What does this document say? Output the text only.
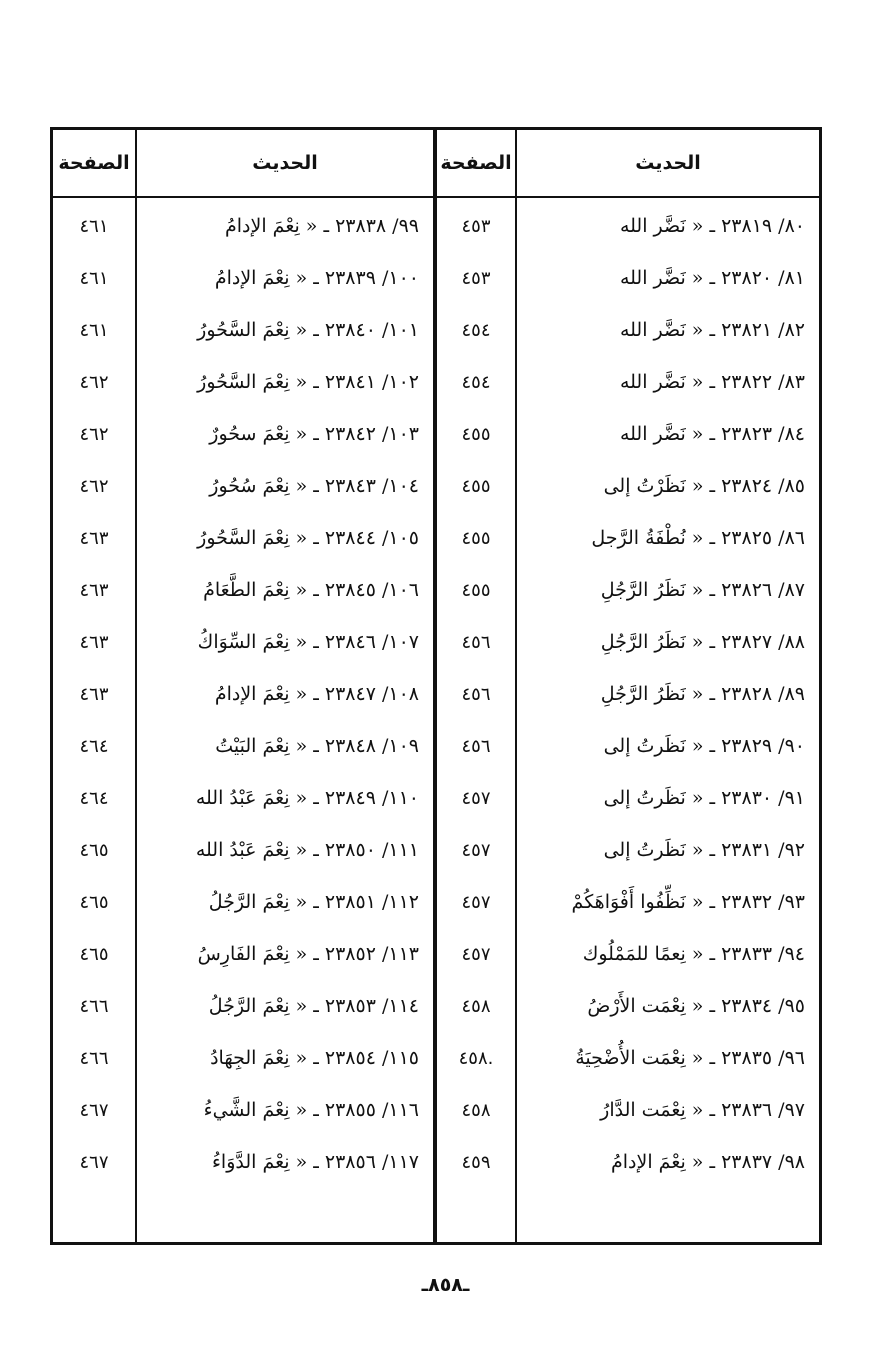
الصفحة	الحديث	الصفحة	الحديث
٤٦١	٩٩/ ٢٣٨٣٨ ـ « نِعْمَ الإدامُ	٤٥٣	٨٠/ ٢٣٨١٩ ـ « نَضَّر الله
٤٦١	١٠٠/ ٢٣٨٣٩ ـ « نِعْمَ الإدامُ	٤٥٣	٨١/ ٢٣٨٢٠ ـ « نَضَّر الله
٤٦١	١٠١/ ٢٣٨٤٠ ـ « نِعْمَ السَّحُورُ	٤٥٤	٨٢/ ٢٣٨٢١ ـ « نَضَّر الله
٤٦٢	١٠٢/ ٢٣٨٤١ ـ « نِعْمَ السَّحُورُ	٤٥٤	٨٣/ ٢٣٨٢٢ ـ « نَضَّر الله
٤٦٢	١٠٣/ ٢٣٨٤٢ ـ « نِعْمَ سحُورٌ	٤٥٥	٨٤/ ٢٣٨٢٣ ـ « نَضَّر الله
٤٦٢	١٠٤/ ٢٣٨٤٣ ـ « نِعْمَ سُحُورُ	٤٥٥	٨٥/ ٢٣٨٢٤ ـ « نَظَرْتُ إلى
٤٦٣	١٠٥/ ٢٣٨٤٤ ـ « نِعْمَ السَّحُورُ	٤٥٥	٨٦/ ٢٣٨٢٥ ـ « نُطْفَةُ الرَّجل
٤٦٣	١٠٦/ ٢٣٨٤٥ ـ « نِعْمَ الطَّعَامُ	٤٥٥	٨٧/ ٢٣٨٢٦ ـ « نَظَرُ الرَّجُلِ
٤٦٣	١٠٧/ ٢٣٨٤٦ ـ « نِعْمَ السِّوَاكُ	٤٥٦	٨٨/ ٢٣٨٢٧ ـ « نَظَرُ الرَّجُلِ
٤٦٣	١٠٨/ ٢٣٨٤٧ ـ « نِعْمَ الإدامُ	٤٥٦	٨٩/ ٢٣٨٢٨ ـ « نَظَرُ الرَّجُلِ
٤٦٤	١٠٩/ ٢٣٨٤٨ ـ « نِعْمَ البَيْتُ	٤٥٦	٩٠/ ٢٣٨٢٩ ـ « نَظَرتُ إلى
٤٦٤	١١٠/ ٢٣٨٤٩ ـ « نِعْمَ عَبْدُ الله	٤٥٧	٩١/ ٢٣٨٣٠ ـ « نَظَرتُ إلى
٤٦٥	١١١/ ٢٣٨٥٠ ـ « نِعْمَ عَبْدُ الله	٤٥٧	٩٢/ ٢٣٨٣١ ـ « نَظَرتُ إلى
٤٦٥	١١٢/ ٢٣٨٥١ ـ « نِعْمَ الرَّجُلُ	٤٥٧	٩٣/ ٢٣٨٣٢ ـ « نَظِّفُوا أَفْوَاهَكُمْ
٤٦٥	١١٣/ ٢٣٨٥٢ ـ « نِعْمَ الفَارِسُ	٤٥٧	٩٤/ ٢٣٨٣٣ ـ « نِعمًا للمَمْلُوك
٤٦٦	١١٤/ ٢٣٨٥٣ ـ « نِعْمَ الرَّجُلُ	٤٥٨	٩٥/ ٢٣٨٣٤ ـ « نِعْمَت الأَرْضُ
٤٦٦	١١٥/ ٢٣٨٥٤ ـ « نِعْمَ الجِهَادُ	٤٥٨.	٩٦/ ٢٣٨٣٥ ـ « نِعْمَت الأُضْحِيَةُ
٤٦٧	١١٦/ ٢٣٨٥٥ ـ « نِعْمَ الشَّيءُ	٤٥٨	٩٧/ ٢٣٨٣٦ ـ « نِعْمَت الدَّارُ
٤٦٧	١١٧/ ٢٣٨٥٦ ـ « نِعْمَ الدَّوَاءُ	٤٥٩	٩٨/ ٢٣٨٣٧ ـ « نِعْمَ الإدامُ
ـ٨٥٨ـ
